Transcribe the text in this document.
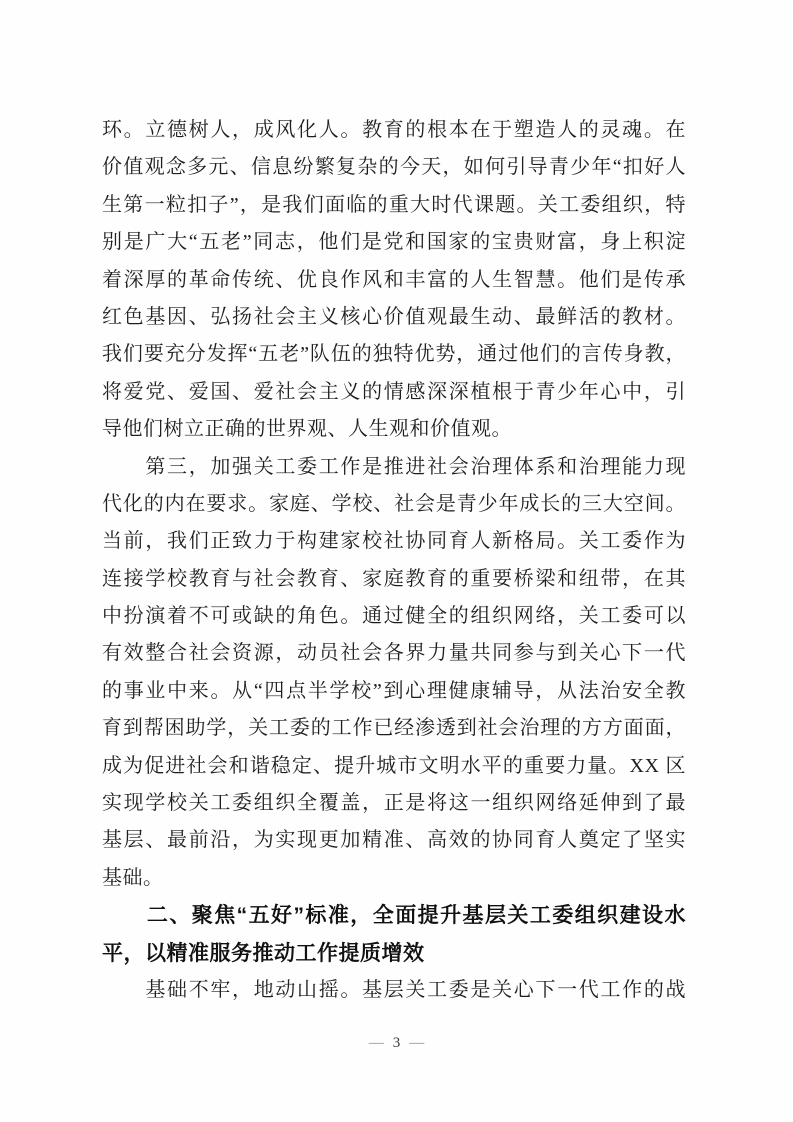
环。立德树人，成风化人。教育的根本在于塑造人的灵魂。在
价值观念多元、信息纷繁复杂的今天，如何引导青少年“扣好人
生第一粒扣子”，是我们面临的重大时代课题。关工委组织，特
别是广大“五老”同志，他们是党和国家的宝贵财富，身上积淀
着深厚的革命传统、优良作风和丰富的人生智慧。他们是传承
红色基因、弘扬社会主义核心价值观最生动、最鲜活的教材。
我们要充分发挥“五老”队伍的独特优势，通过他们的言传身教，
将爱党、爱国、爱社会主义的情感深深植根于青少年心中，引
导他们树立正确的世界观、人生观和价值观。
　　第三，加强关工委工作是推进社会治理体系和治理能力现
代化的内在要求。家庭、学校、社会是青少年成长的三大空间。
当前，我们正致力于构建家校社协同育人新格局。关工委作为
连接学校教育与社会教育、家庭教育的重要桥梁和纽带，在其
中扮演着不可或缺的角色。通过健全的组织网络，关工委可以
有效整合社会资源，动员社会各界力量共同参与到关心下一代
的事业中来。从“四点半学校”到心理健康辅导，从法治安全教
育到帮困助学，关工委的工作已经渗透到社会治理的方方面面，
成为促进社会和谐稳定、提升城市文明水平的重要力量。XX 区
实现学校关工委组织全覆盖，正是将这一组织网络延伸到了最
基层、最前沿，为实现更加精准、高效的协同育人奠定了坚实
基础。
　　二、聚焦“五好”标准，全面提升基层关工委组织建设水
平，以精准服务推动工作提质增效
　　基础不牢，地动山摇。基层关工委是关心下一代工作的战
— 3 —
